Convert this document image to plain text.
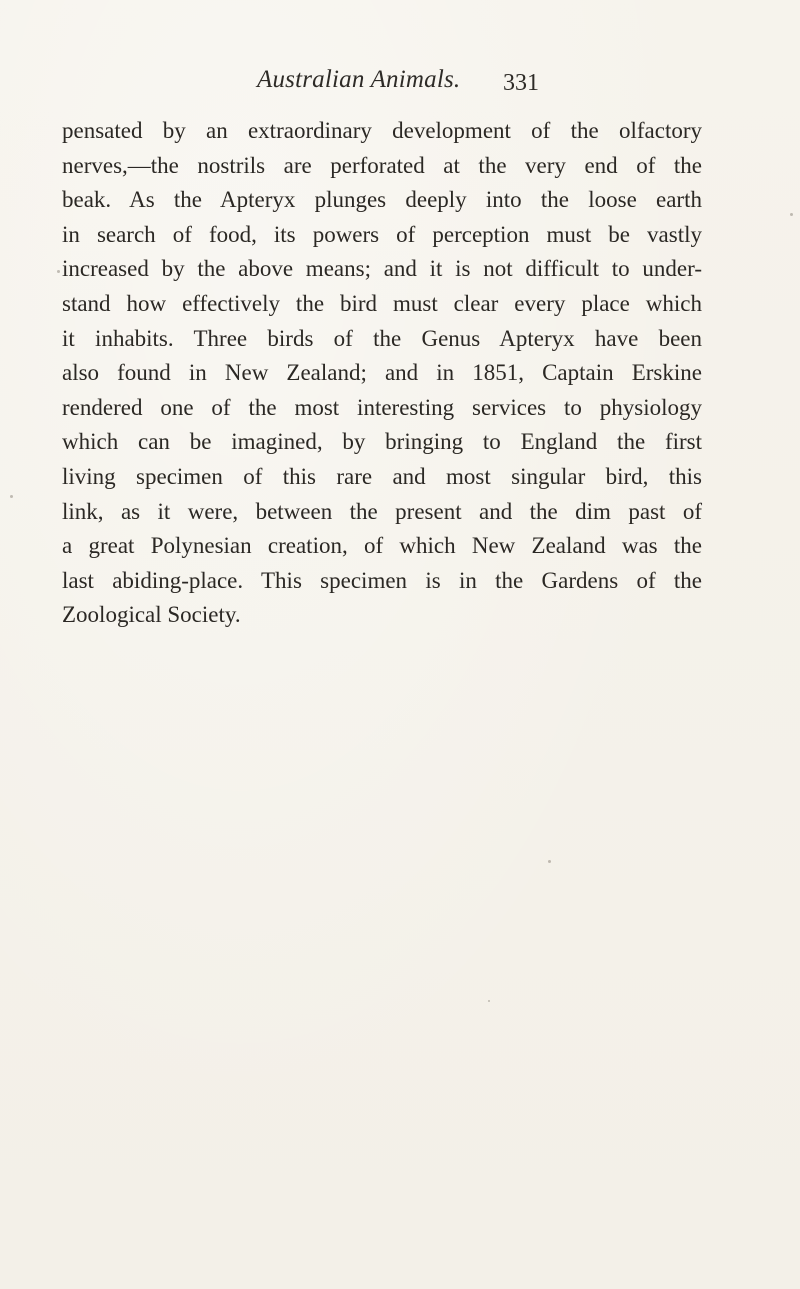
Australian Animals. 331
pensated by an extraordinary development of the olfactory
nerves,—the nostrils are perforated at the very end of the
beak. As the Apteryx plunges deeply into the loose earth
in search of food, its powers of perception must be vastly
increased by the above means; and it is not difficult to under-
stand how effectively the bird must clear every place which
it inhabits. Three birds of the Genus Apteryx have been
also found in New Zealand; and in 1851, Captain Erskine
rendered one of the most interesting services to physiology
which can be imagined, by bringing to England the first
living specimen of this rare and most singular bird, this
link, as it were, between the present and the dim past of
a great Polynesian creation, of which New Zealand was the
last abiding-place. This specimen is in the Gardens of the
Zoological Society.
